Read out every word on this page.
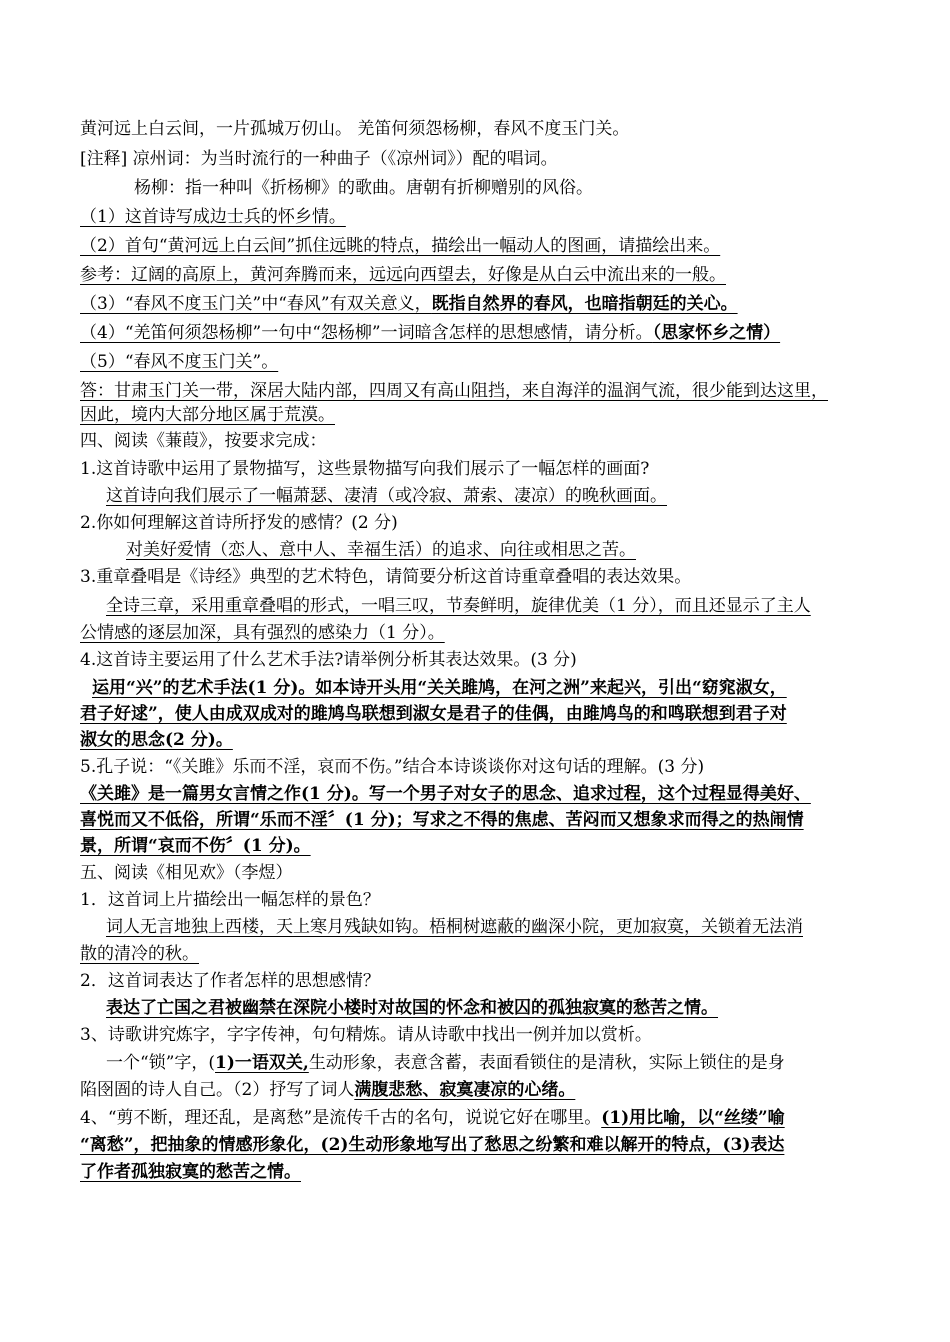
黄河远上白云间，一片孤城万仞山。 羌笛何须怨杨柳，春风不度玉门关。
[注释] 凉州词：为当时流行的一种曲子（《凉州词》）配的唱词。
杨柳：指一种叫《折杨柳》的歌曲。唐朝有折柳赠别的风俗。
（1）这首诗写成边士兵的怀乡情。
（2）首句“黄河远上白云间”抓住远眺的特点，描绘出一幅动人的图画，请描绘出来。
参考：辽阔的高原上，黄河奔腾而来，远远向西望去，好像是从白云中流出来的一般。
（3）“春风不度玉门关”中“春风”有双关意义，既指自然界的春风，也暗指朝廷的关心。
（4）“羌笛何须怨杨柳”一句中“怨杨柳”一词暗含怎样的思想感情，请分析。（思家怀乡之情）
（5）“春风不度玉门关”。
答：甘肃玉门关一带，深居大陆内部，四周又有高山阻挡，来自海洋的温润气流，很少能到达这里，
因此，境内大部分地区属于荒漠。
四、阅读《蒹葭》，按要求完成：
1.这首诗歌中运用了景物描写，这些景物描写向我们展示了一幅怎样的画面?
这首诗向我们展示了一幅萧瑟、凄清（或冷寂、萧索、凄凉）的晚秋画面。
2.你如何理解这首诗所抒发的感情？(2 分)
对美好爱情（恋人、意中人、幸福生活）的追求、向往或相思之苦。
3.重章叠唱是《诗经》典型的艺术特色，请简要分析这首诗重章叠唱的表达效果。
全诗三章，采用重章叠唱的形式，一唱三叹，节奏鲜明，旋律优美（1 分），而且还显示了主人
公情感的逐层加深，具有强烈的感染力（1 分）。
4.这首诗主要运用了什么艺术手法?请举例分析其表达效果。(3 分)
运用“兴”的艺术手法(1 分)。如本诗开头用“关关雎鸠，在河之洲”来起兴，引出“窈窕淑女，
君子好逑”，使人由成双成对的雎鸠鸟联想到淑女是君子的佳偶，由雎鸠鸟的和鸣联想到君子对
淑女的思念(2 分)。
5.孔子说：“《关雎》乐而不淫，哀而不伤。”结合本诗谈谈你对这句话的理解。(3 分)
《关雎》是一篇男女言情之作(1 分)。写一个男子对女子的思念、追求过程，这个过程显得美好、
喜悦而又不低俗，所谓“乐而不淫〞(1 分)；写求之不得的焦虑、苦闷而又想象求而得之的热闹情
景，所谓“哀而不伤〞(1 分)。
五、阅读《相见欢》（李煜）
1．这首词上片描绘出一幅怎样的景色？
词人无言地独上西楼，天上寒月残缺如钩。梧桐树遮蔽的幽深小院，更加寂寞，关锁着无法消
散的清冷的秋。
2．这首词表达了作者怎样的思想感情？
表达了亡国之君被幽禁在深院小楼时对故国的怀念和被囚的孤独寂寞的愁苦之情。
3、诗歌讲究炼字，字字传神，句句精炼。请从诗歌中找出一例并加以赏析。
一个“锁”字，(1)一语双关,生动形象，表意含蓄，表面看锁住的是清秋，实际上锁住的是身
陷囹圄的诗人自己。（2）抒写了词人满腹悲愁、寂寞凄凉的心绪。
4、“剪不断，理还乱，是离愁”是流传千古的名句，说说它好在哪里。(1)用比喻，以“丝缕”喻
“离愁”，把抽象的情感形象化，(2)生动形象地写出了愁思之纷繁和难以解开的特点，(3)表达
了作者孤独寂寞的愁苦之情。
